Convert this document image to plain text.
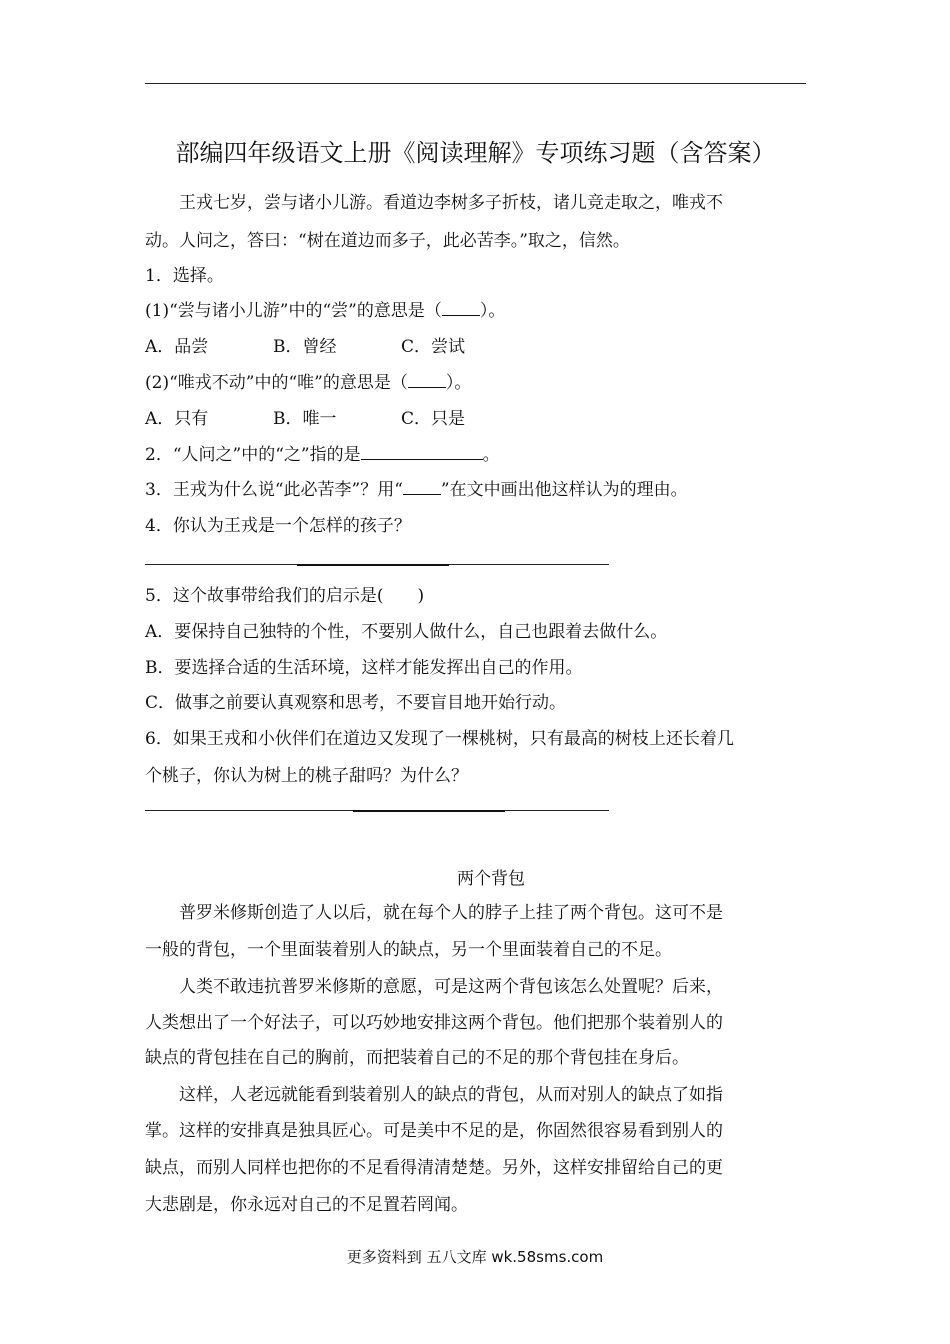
部编四年级语文上册《阅读理解》专项练习题（含答案）
王戎七岁，尝与诸小儿游。看道边李树多子折枝，诸儿竞走取之，唯戎不
动。人问之，答曰：“树在道边而多子，此必苦李。”取之，信然。
1．选择。
(1)“尝与诸小儿游”中的“尝”的意思是（ ）。
A．品尝	B．曾经	C．尝试
(2)“唯戎不动”中的“唯”的意思是（ ）。
A．只有	B．唯一	C．只是
2．“人问之”中的“之”指的是	。
3．王戎为什么说“此必苦李”？用“ ”在文中画出他这样认为的理由。
4．你认为王戎是一个怎样的孩子？
5．这个故事带给我们的启示是(　　)
A．要保持自己独特的个性，不要别人做什么，自己也跟着去做什么。
B．要选择合适的生活环境，这样才能发挥出自己的作用。
C．做事之前要认真观察和思考，不要盲目地开始行动。
6．如果王戎和小伙伴们在道边又发现了一棵桃树，只有最高的树枝上还长着几
个桃子，你认为树上的桃子甜吗？为什么？
两个背包
普罗米修斯创造了人以后，就在每个人的脖子上挂了两个背包。这可不是
一般的背包，一个里面装着别人的缺点，另一个里面装着自己的不足。
人类不敢违抗普罗米修斯的意愿，可是这两个背包该怎么处置呢？后来，
人类想出了一个好法子，可以巧妙地安排这两个背包。他们把那个装着别人的
缺点的背包挂在自己的胸前，而把装着自己的不足的那个背包挂在身后。
这样，人老远就能看到装着别人的缺点的背包，从而对别人的缺点了如指
掌。这样的安排真是独具匠心。可是美中不足的是，你固然很容易看到别人的
缺点，而别人同样也把你的不足看得清清楚楚。另外，这样安排留给自己的更
大悲剧是，你永远对自己的不足置若罔闻。
更多资料到 五八文库 wk.58sms.com
